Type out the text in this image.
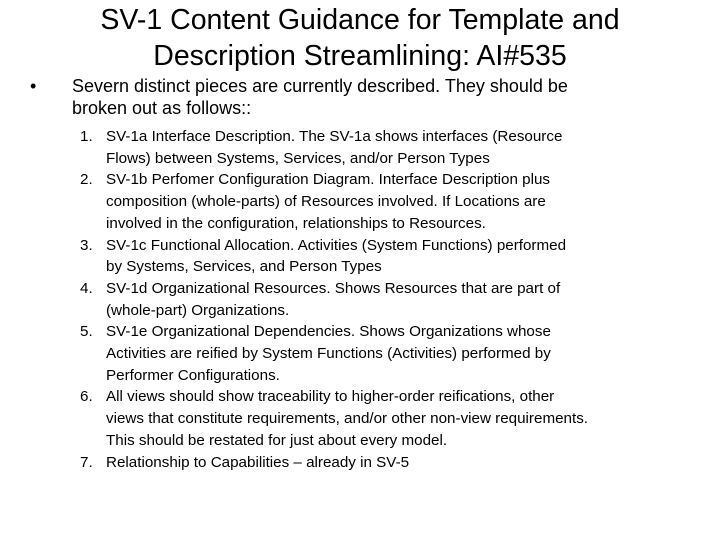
SV-1 Content Guidance for Template and
Description Streamlining: AI#535
• Severn distinct pieces are currently described. They should be
broken out as follows::
1. SV-1a Interface Description. The SV-1a shows interfaces (Resource
Flows) between Systems, Services, and/or Person Types
2. SV-1b Perfomer Configuration Diagram. Interface Description plus
composition (whole-parts) of Resources involved. If Locations are
involved in the configuration, relationships to Resources.
3. SV-1c Functional Allocation. Activities (System Functions) performed
by Systems, Services, and Person Types
4. SV-1d Organizational Resources. Shows Resources that are part of
(whole-part) Organizations.
5. SV-1e Organizational Dependencies. Shows Organizations whose
Activities are reified by System Functions (Activities) performed by
Performer Configurations.
6. All views should show traceability to higher-order reifications, other
views that constitute requirements, and/or other non-view requirements.
This should be restated for just about every model.
7. Relationship to Capabilities – already in SV-5
